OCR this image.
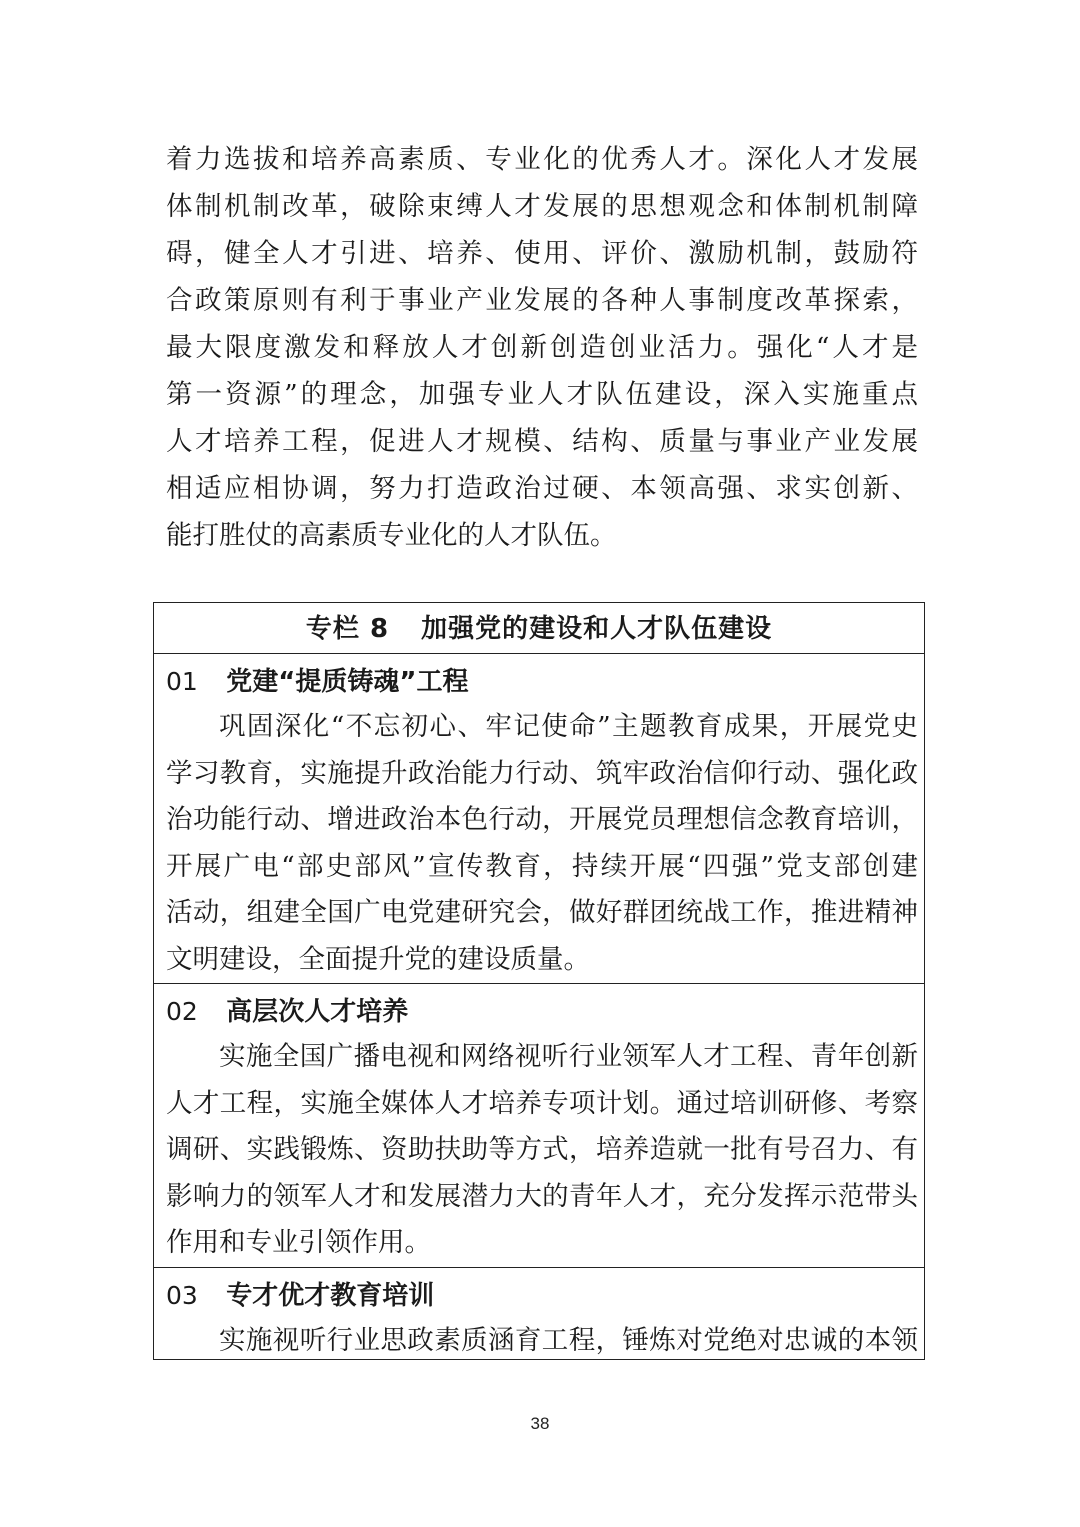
着力选拔和培养高素质、专业化的优秀人才。深化人才发展
体制机制改革，破除束缚人才发展的思想观念和体制机制障
碍，健全人才引进、培养、使用、评价、激励机制，鼓励符
合政策原则有利于事业产业发展的各种人事制度改革探索，
最大限度激发和释放人才创新创造创业活力。强化“人才是
第一资源”的理念，加强专业人才队伍建设，深入实施重点
人才培养工程，促进人才规模、结构、质量与事业产业发展
相适应相协调，努力打造政治过硬、本领高强、求实创新、
能打胜仗的高素质专业化的人才队伍。
专栏 8 加强党的建设和人才队伍建设
01 党建“提质铸魂”工程
巩固深化“不忘初心、牢记使命”主题教育成果，开展党史
学习教育，实施提升政治能力行动、筑牢政治信仰行动、强化政
治功能行动、增进政治本色行动，开展党员理想信念教育培训，
开展广电“部史部风”宣传教育，持续开展“四强”党支部创建
活动，组建全国广电党建研究会，做好群团统战工作，推进精神
文明建设，全面提升党的建设质量。
02 高层次人才培养
实施全国广播电视和网络视听行业领军人才工程、青年创新
人才工程，实施全媒体人才培养专项计划。通过培训研修、考察
调研、实践锻炼、资助扶助等方式，培养造就一批有号召力、有
影响力的领军人才和发展潜力大的青年人才，充分发挥示范带头
作用和专业引领作用。
03 专才优才教育培训
实施视听行业思政素质涵育工程，锤炼对党绝对忠诚的本领
38
